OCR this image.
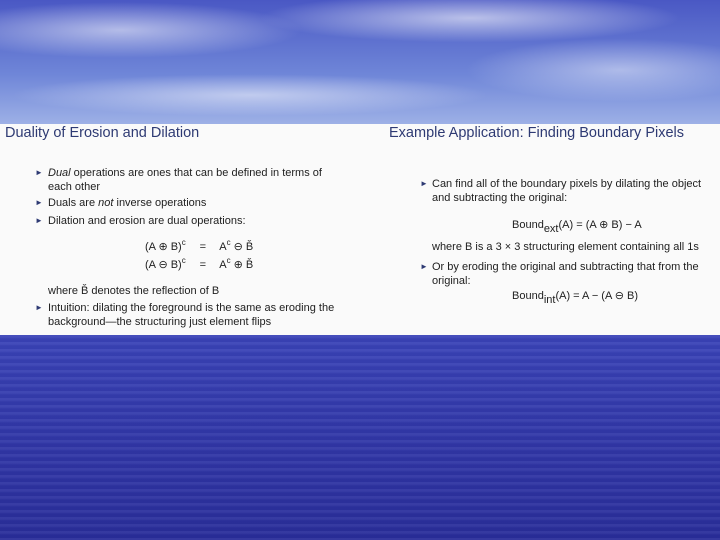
Duality of Erosion and Dilation
► Dual operations are ones that can be defined in terms of each other
► Duals are not inverse operations
► Dilation and erosion are dual operations:
(A ⊕ $B)^c = A^c$ ⊖ B̌
(A ⊖ $B)^c = A^c$ ⊕ B̌
where B̌ denotes the reflection of B
► Intuition: dilating the foreground is the same as eroding the background—the structuring just element flips
Example Application: Finding Boundary Pixels
► Can find all of the boundary pixels by dilating the object and subtracting the original:
Boundext(A) = (A ⊕ B) − A
where B is a 3 × 3 structuring element containing all 1s
► Or by eroding the original and subtracting that from the original:
Boundint(A) = A − (A ⊖ B)
